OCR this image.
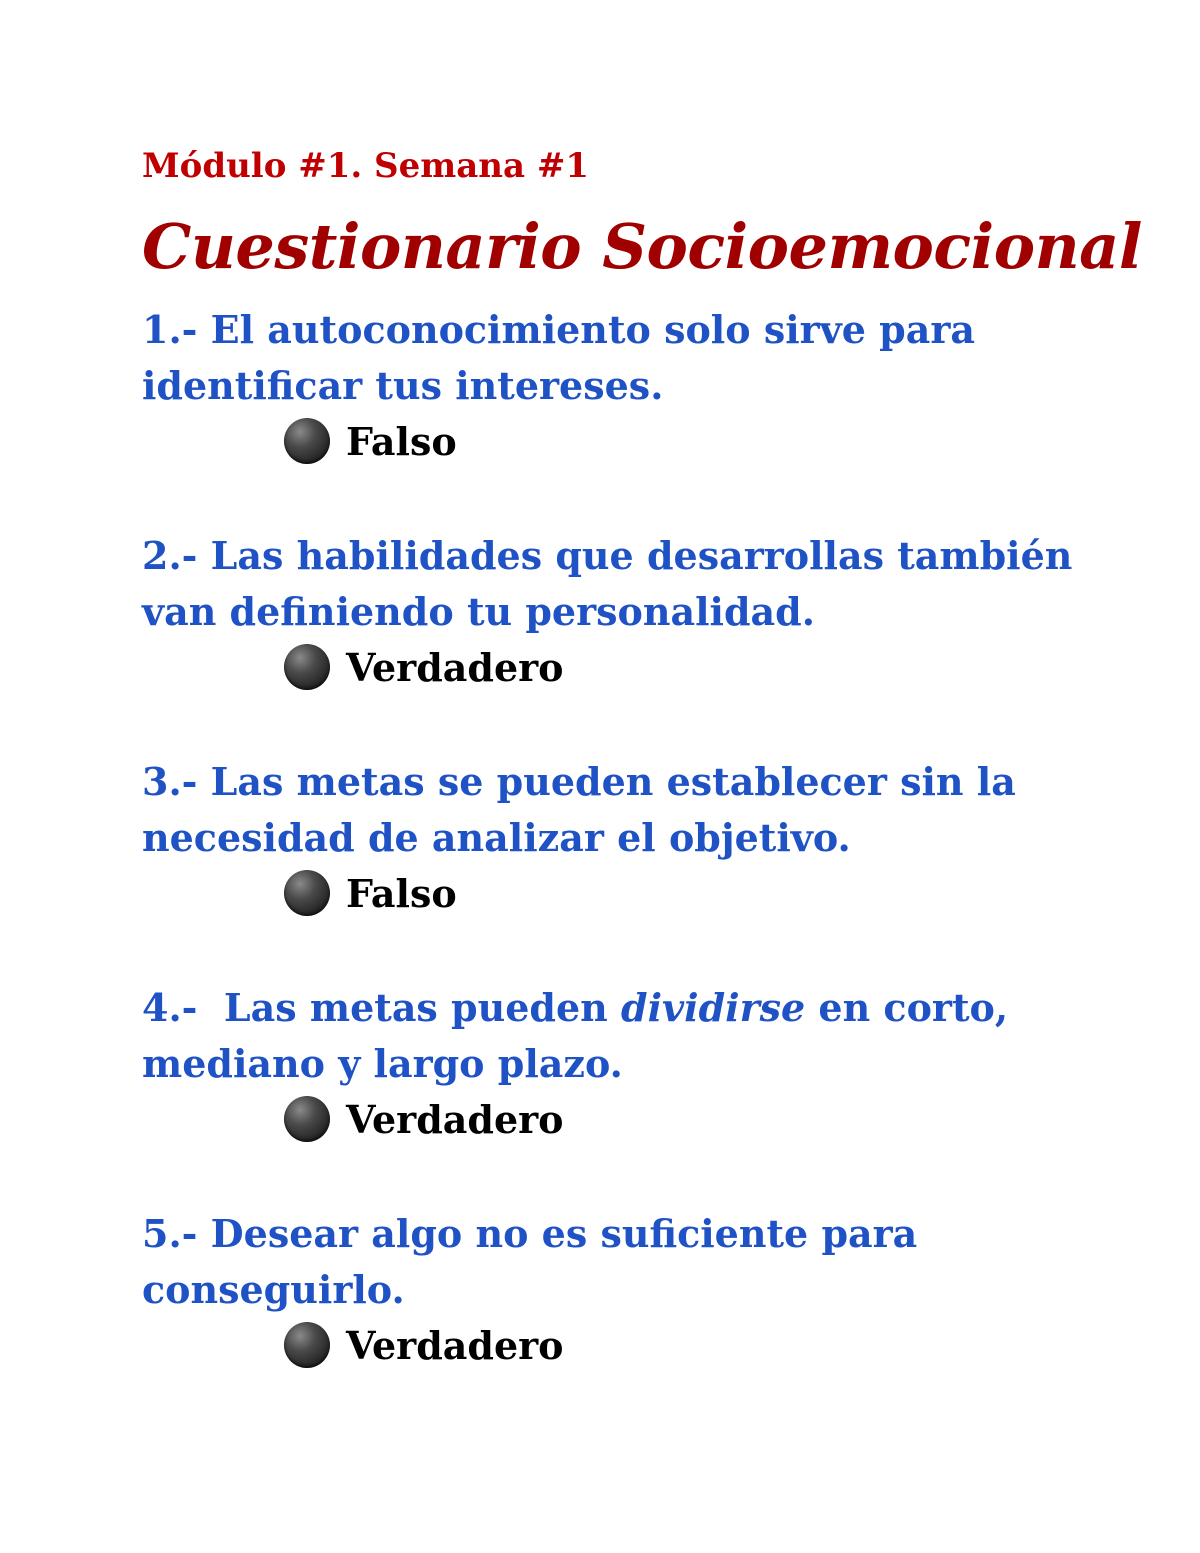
Módulo #1. Semana #1

Cuestionario Socioemocional
1.- El autoconocimiento solo sirve para identificar tus intereses.
Falso
2.- Las habilidades que desarrollas también van definiendo tu personalidad.
Verdadero
3.- Las metas se pueden establecer sin la necesidad de analizar el objetivo.
Falso
4.-  Las metas pueden dividirse en corto, mediano y largo plazo.
Verdadero
5.- Desear algo no es suficiente para conseguirlo.
Verdadero
